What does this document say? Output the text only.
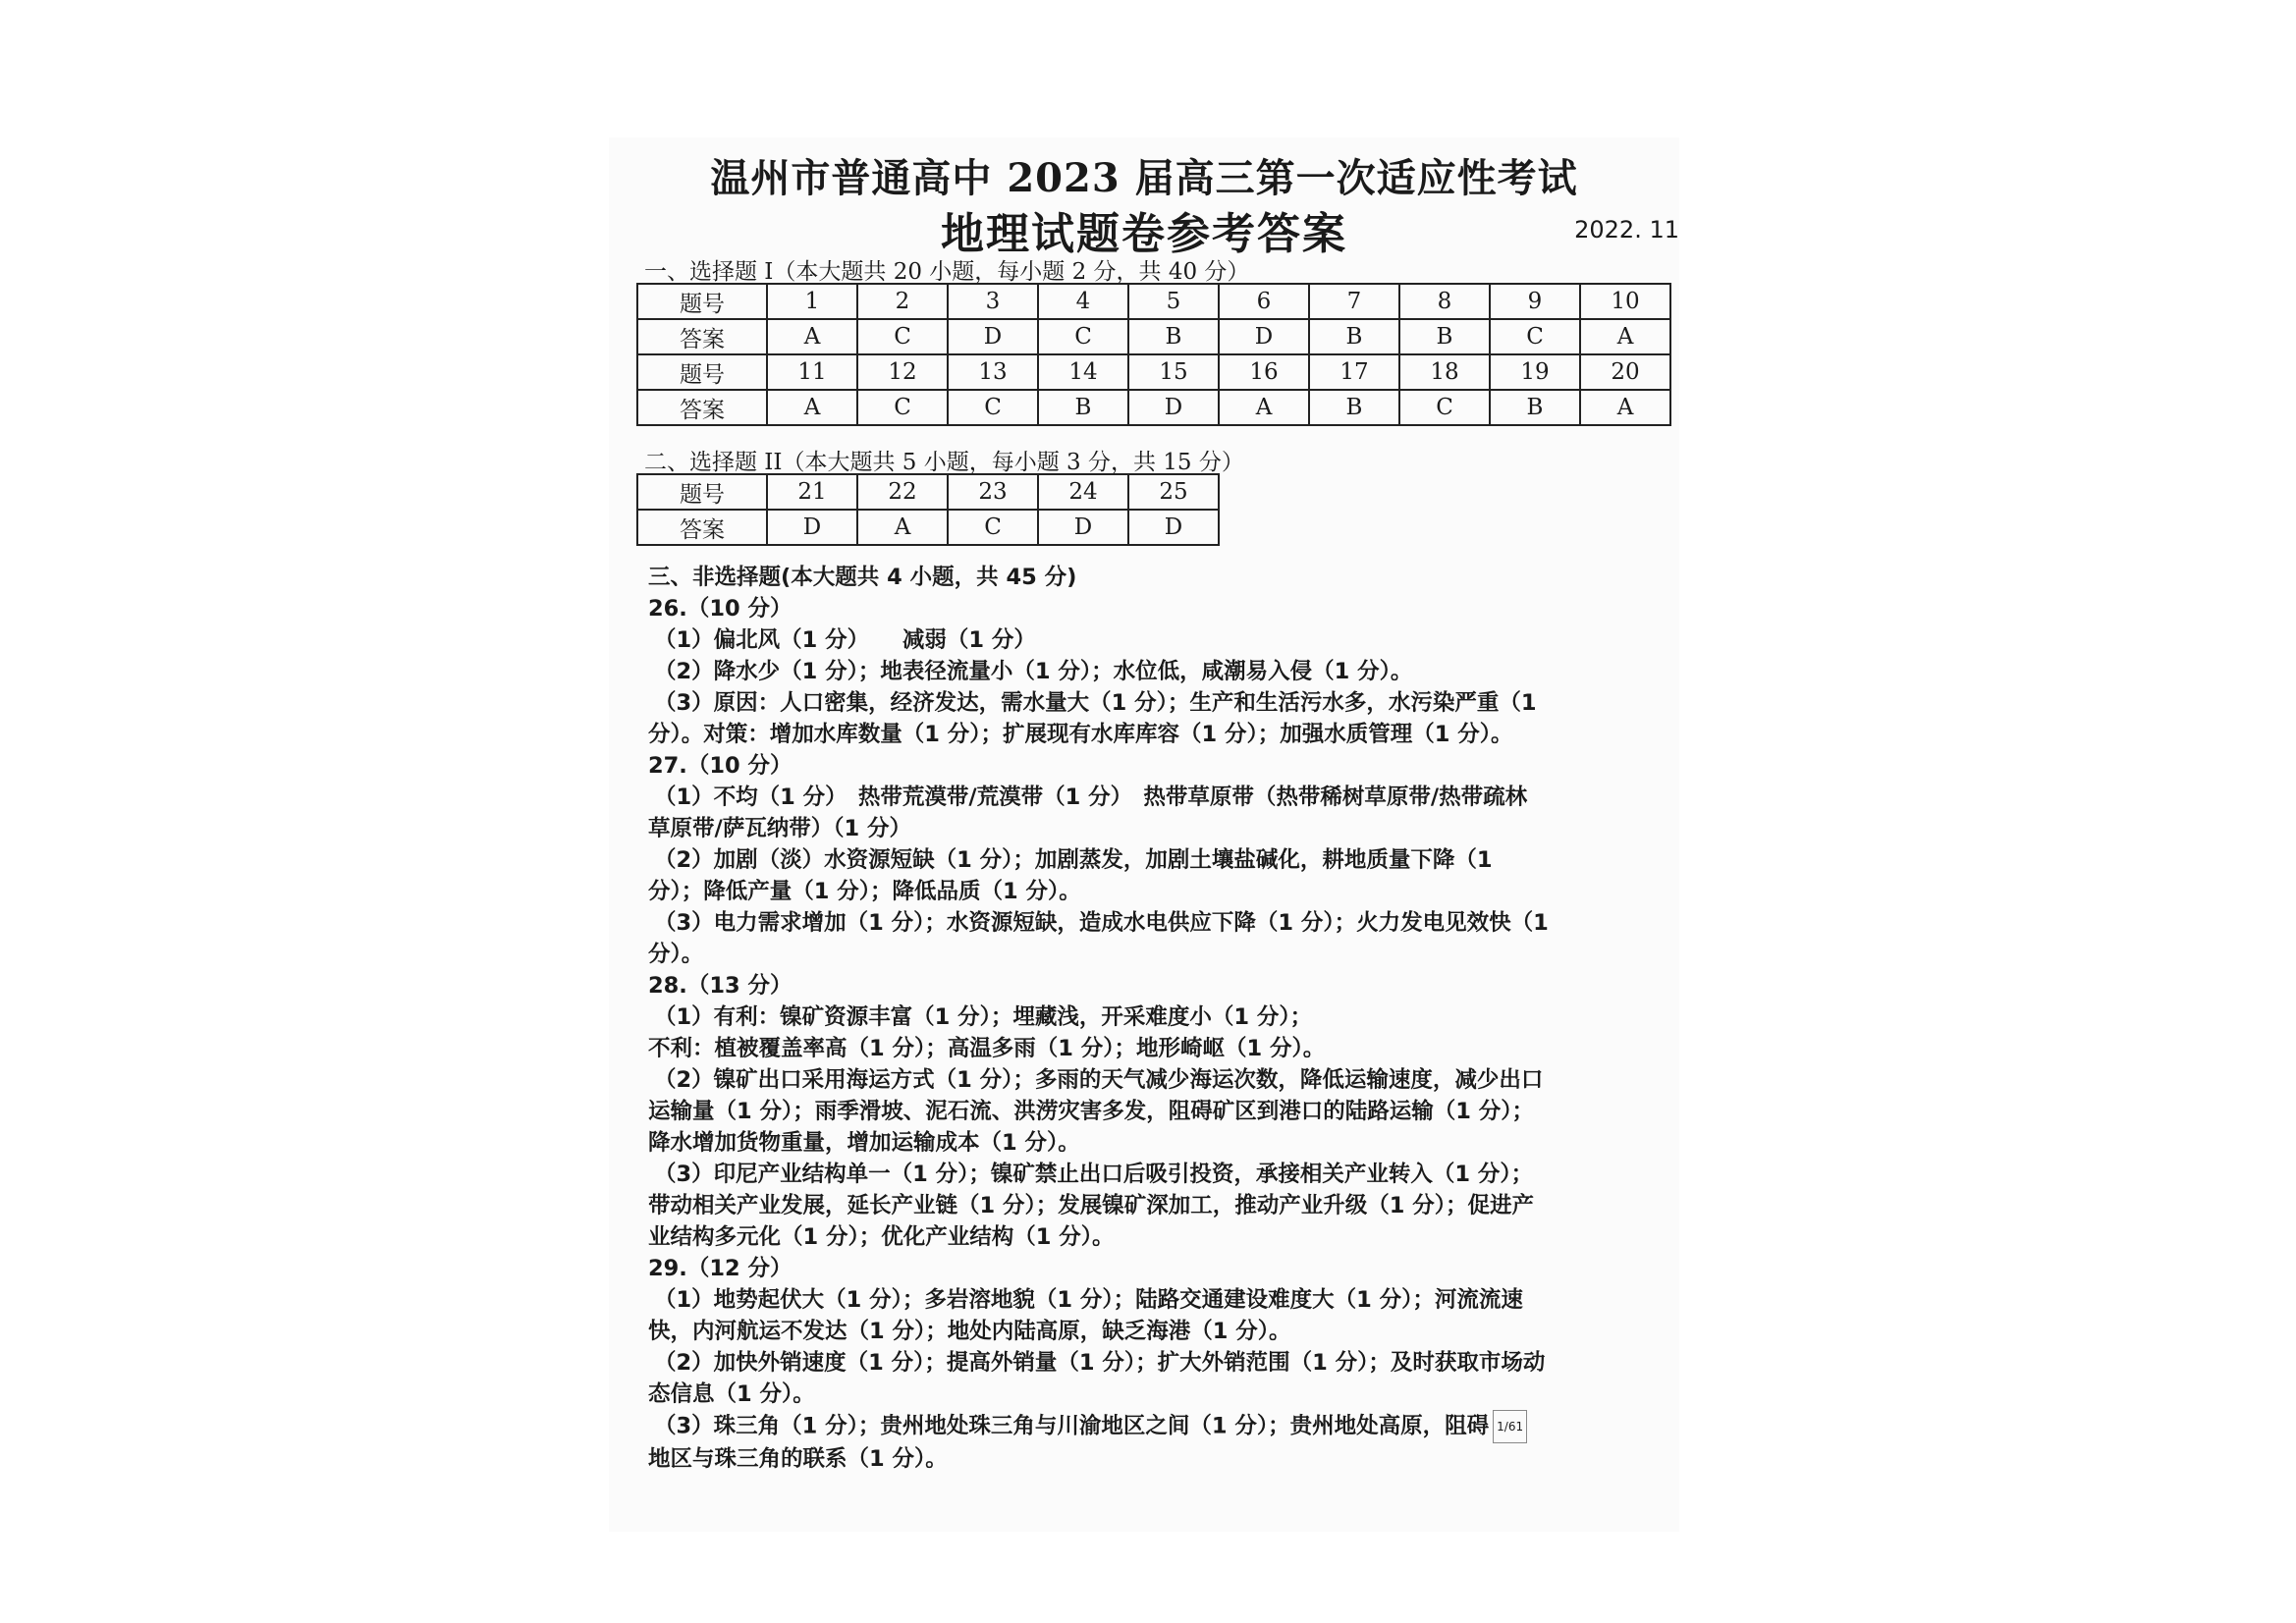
温州市普通高中 2023 届高三第一次适应性考试
地理试题卷参考答案	2022. 11
一、选择题 I（本大题共 20 小题，每小题 2 分，共 40 分）
题号	1	2	3	4	5	6	7	8	9	10
答案	A	C	D	C	B	D	B	B	C	A
题号	11	12	13	14	15	16	17	18	19	20
答案	A	C	C	B	D	A	B	C	B	A
二、选择题 II（本大题共 5 小题，每小题 3 分，共 15 分）
题号	21	22	23	24	25
答案	D	A	C	D	D

三、非选择题(本大题共 4 小题，共 45 分)

26.（10 分）

（1）偏北风（1 分）　　减弱（1 分）

（2）降水少（1 分）；地表径流量小（1 分）；水位低，咸潮易入侵（1 分）。

（3）原因：人口密集，经济发达，需水量大（1 分）；生产和生活污水多，水污染严重（1

分）。对策：增加水库数量（1 分）；扩展现有水库库容（1 分）；加强水质管理（1 分）。

27.（10 分）

（1）不均（1 分）　热带荒漠带/荒漠带（1 分）　热带草原带（热带稀树草原带/热带疏林

草原带/萨瓦纳带）（1 分）

（2）加剧（淡）水资源短缺（1 分）；加剧蒸发，加剧土壤盐碱化，耕地质量下降（1

分）；降低产量（1 分）；降低品质（1 分）。

（3）电力需求增加（1 分）；水资源短缺，造成水电供应下降（1 分）；火力发电见效快（1

分）。

28.（13 分）

（1）有利：镍矿资源丰富（1 分）；埋藏浅，开采难度小（1 分）；

不利：植被覆盖率高（1 分）；高温多雨（1 分）；地形崎岖（1 分）。

（2）镍矿出口采用海运方式（1 分）；多雨的天气减少海运次数，降低运输速度，减少出口

运输量（1 分）；雨季滑坡、泥石流、洪涝灾害多发，阻碍矿区到港口的陆路运输（1 分）；

降水增加货物重量，增加运输成本（1 分）。

（3）印尼产业结构单一（1 分）；镍矿禁止出口后吸引投资，承接相关产业转入（1 分）；

带动相关产业发展，延长产业链（1 分）；发展镍矿深加工，推动产业升级（1 分）；促进产

业结构多元化（1 分）；优化产业结构（1 分）。

29.（12 分）

（1）地势起伏大（1 分）；多岩溶地貌（1 分）；陆路交通建设难度大（1 分）；河流流速

快，内河航运不发达（1 分）；地处内陆高原，缺乏海港（1 分）。

（2）加快外销速度（1 分）；提高外销量（1 分）；扩大外销范围（1 分）；及时获取市场动

态信息（1 分）。

（3）珠三角（1 分）；贵州地处珠三角与川渝地区之间（1 分）；贵州地处高原，阻碍 1/61

地区与珠三角的联系（1 分）。
